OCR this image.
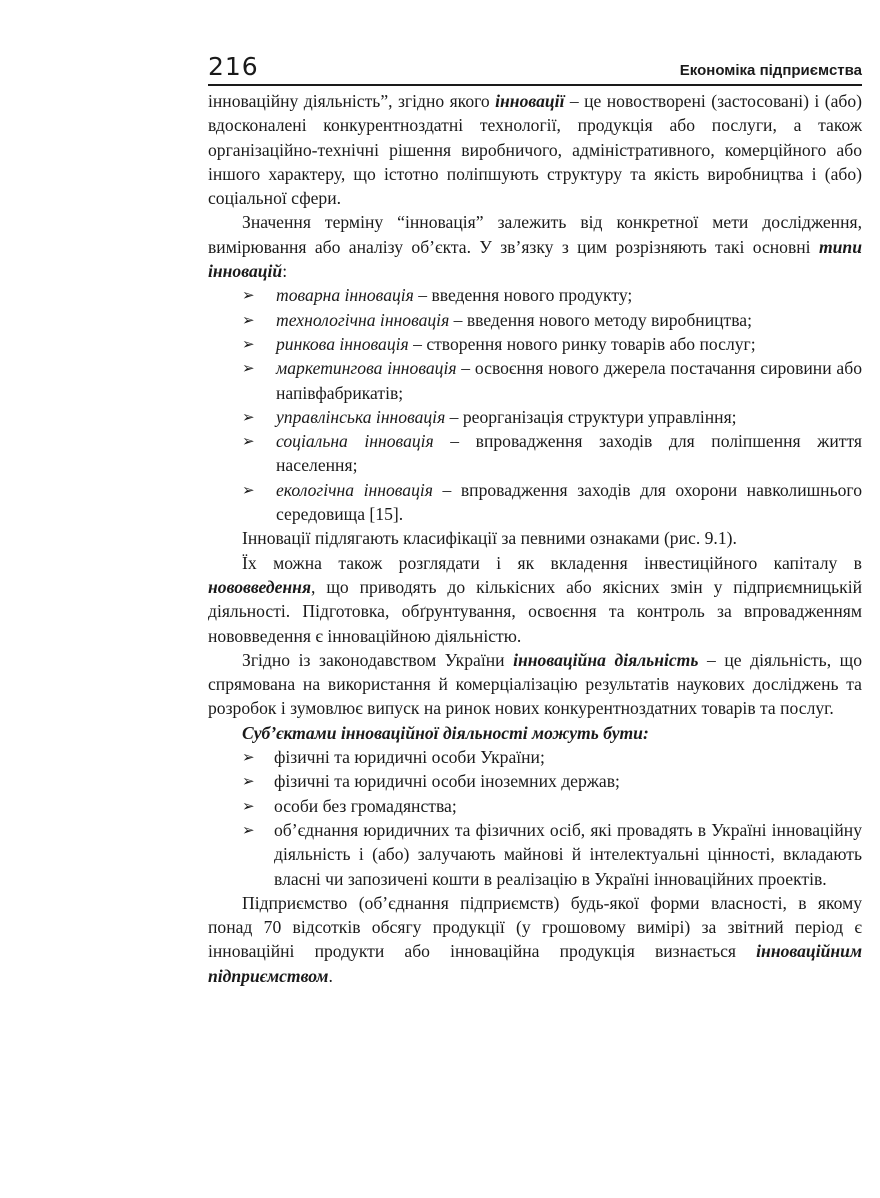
216	Економіка підприємства

інноваційну діяльність”, згідно якого інновації – це новостворені (застосовані) і (або) вдосконалені конкурентноздатні технології, продукція або послуги, а також організаційно-технічні рішення виробничого, адміністративного, комерційного або іншого характеру, що істотно поліпшують структуру та якість виробництва і (або) соціальної сфери.

Значення терміну “інновація” залежить від конкретної мети дослідження, вимірювання або аналізу об’єкта. У зв’язку з цим розрізняють такі основні типи інновацій:

➢ товарна інновація – введення нового продукту;
➢ технологічна інновація – введення нового методу виробництва;
➢ ринкова інновація – створення нового ринку товарів або послуг;
➢ маркетингова інновація – освоєння нового джерела постачання сировини або напівфабрикатів;
➢ управлінська інновація – реорганізація структури управління;
➢ соціальна інновація – впровадження заходів для поліпшення життя населення;
➢ екологічна інновація – впровадження заходів для охорони навколишнього середовища [15].

Інновації підлягають класифікації за певними ознаками (рис. 9.1).

Їх можна також розглядати і як вкладення інвестиційного капіталу в нововведення, що приводять до кількісних або якісних змін у підприємницькій діяльності. Підготовка, обґрунтування, освоєння та контроль за впровадженням нововведення є інноваційною діяльністю.

Згідно із законодавством України інноваційна діяльність – це діяльність, що спрямована на використання й комерціалізацію результатів наукових досліджень та розробок і зумовлює випуск на ринок нових конкурентноздатних товарів та послуг.

Суб’єктами інноваційної діяльності можуть бути:

➢ фізичні та юридичні особи України;
➢ фізичні та юридичні особи іноземних держав;
➢ особи без громадянства;
➢ об’єднання юридичних та фізичних осіб, які провадять в Україні інноваційну діяльність і (або) залучають майнові й інтелектуальні цінності, вкладають власні чи запозичені кошти в реалізацію в Україні інноваційних проектів.

Підприємство (об’єднання підприємств) будь-якої форми власності, в якому понад 70 відсотків обсягу продукції (у грошовому вимірі) за звітний період є інноваційні продукти або інноваційна продукція визнається інноваційним підприємством.
